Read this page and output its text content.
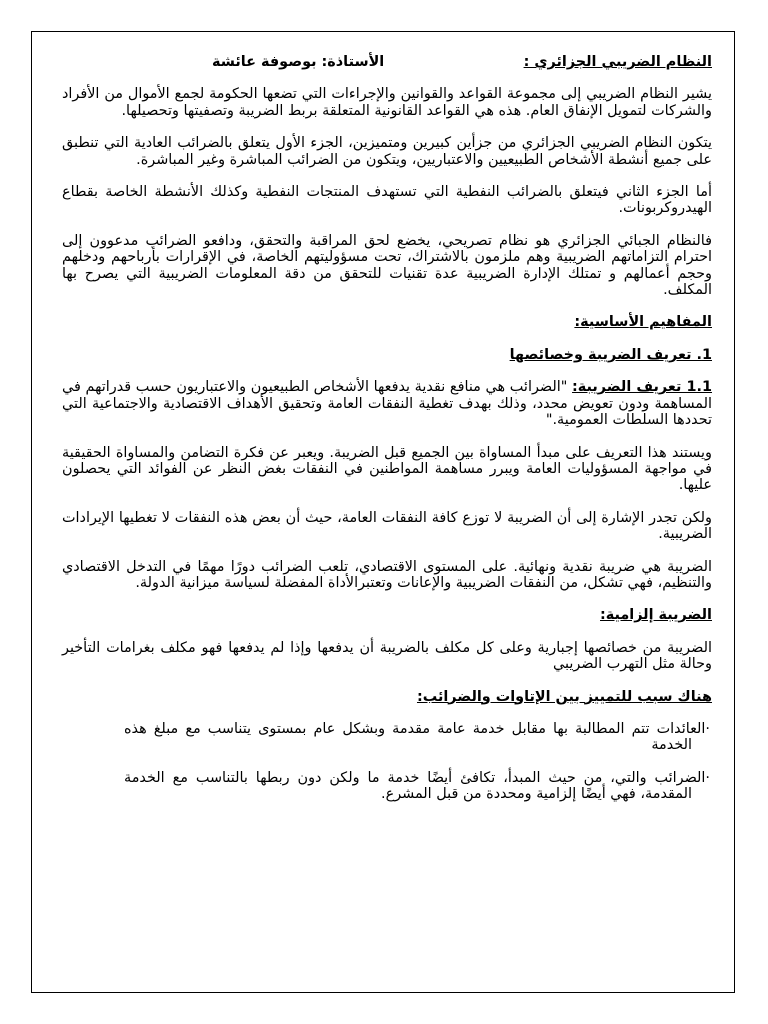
النظام الضريبي الجزائري :
الأستاذة: بوصوفة عائشة

يشير النظام الضريبي إلى مجموعة القواعد والقوانين والإجراءات التي تضعها الحكومة لجمع الأموال من الأفراد والشركات لتمويل الإنفاق العام. هذه هي القواعد القانونية المتعلقة بربط الضريبة وتصفيتها وتحصيلها.

يتكون النظام الضريبي الجزائري من جزأين كبيرين ومتميزين، الجزء الأول يتعلق بالضرائب العادية التي تنطبق على جميع أنشطة الأشخاص الطبيعيين والاعتباريين، ويتكون من الضرائب المباشرة وغير المباشرة.

أما الجزء الثاني فيتعلق بالضرائب النفطية التي تستهدف المنتجات النفطية وكذلك الأنشطة الخاصة بقطاع الهيدروكربونات.

فالنظام الجبائي الجزائري هو نظام تصريحي، يخضع لحق المراقبة والتحقق، ودافعو الضرائب مدعوون إلى احترام التزاماتهم الضريبية وهم ملزمون بالاشتراك، تحت مسؤوليتهم الخاصة، في الإقرارات بأرباحهم ودخلهم وحجم أعمالهم و تمتلك الإدارة الضريبية عدة تقنيات للتحقق من دقة المعلومات الضريبية التي يصرح بها المكلف.

المفاهيم الأساسية:
1. تعريف الضريبة وخصائصها

1.1 تعريف الضريبة: "الضرائب هي منافع نقدية يدفعها الأشخاص الطبيعيون والاعتباريون حسب قدراتهم في المساهمة ودون تعويض محدد، وذلك بهدف تغطية النفقات العامة وتحقيق الأهداف الاقتصادية والاجتماعية التي تحددها السلطات العمومية."

ويستند هذا التعريف على مبدأ المساواة بين الجميع قبل الضريبة. ويعبر عن فكرة التضامن والمساواة الحقيقية في مواجهة المسؤوليات العامة ويبرر مساهمة المواطنين في النفقات بغض النظر عن الفوائد التي يحصلون عليها.

ولكن تجدر الإشارة إلى أن الضريبة لا توزع كافة النفقات العامة، حيث أن بعض هذه النفقات لا تغطيها الإيرادات الضريبية.

الضريبة هي ضريبة نقدية ونهائية. على المستوى الاقتصادي، تلعب الضرائب دورًا مهمًا في التدخل الاقتصادي والتنظيم، فهي تشكل، من النفقات الضريبية والإعانات وتعتبرالأداة المفضلة لسياسة ميزانية الدولة.

الضريبة إلزامية:

الضريبة من خصائصها إجبارية وعلى كل مكلف بالضريبة أن يدفعها وإذا لم يدفعها فهو مكلف بغرامات التأخير وحالة مثل التهرب الضريبي

هناك سبب للتمييز بين الإتاوات والضرائب:
·العائدات تتم المطالبة بها مقابل خدمة عامة مقدمة وبشكل عام بمستوى يتناسب مع مبلغ هذه الخدمة
·الضرائب والتي، من حيث المبدأ، تكافئ أيضًا خدمة ما ولكن دون ربطها بالتناسب مع الخدمة المقدمة، فهي أيضًا إلزامية ومحددة من قبل المشرع.
